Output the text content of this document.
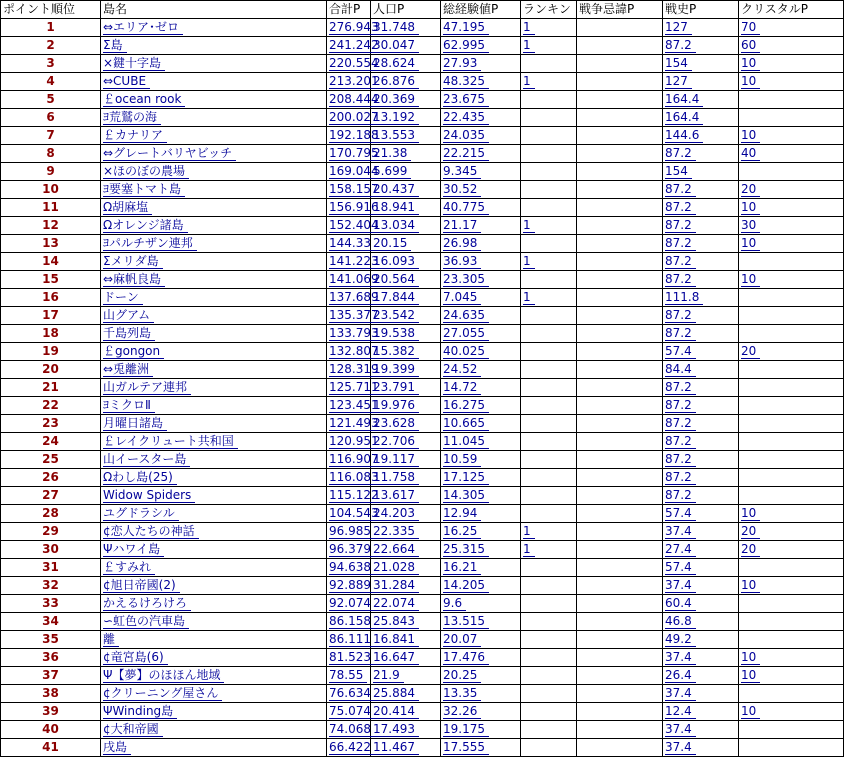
ポイント順位	島名	合計P	人口P	総経験値P	ランキン	戦争忌諱P	戦史P	クリスタルP
1	⇔エリア･ゼロ	276.943	31.748	47.195	1		127	70
2	Σ島	241.242	30.047	62.995	1		87.2	60
3	×鍵十字島	220.554	28.624	27.93			154	10
4	⇔CUBE	213.201	26.876	48.325	1		127	10
5	￡ocean rook	208.444	20.369	23.675			164.4	
6	ﾖ荒鷲の海	200.027	13.192	22.435			164.4	
7	￡カナリア	192.188	13.553	24.035			144.6	10
8	⇔グレートバリヤビッチ	170.795	21.38	22.215			87.2	40
9	×ほのぼの農場	169.044	5.699	9.345			154	
10	ﾖ要塞トマト島	158.157	20.437	30.52			87.2	20
11	Ω胡麻塩	156.916	18.941	40.775			87.2	10
12	Ωオレンジ諸島	152.404	13.034	21.17	1		87.2	30
13	ﾖパルチザン連邦	144.33	20.15	26.98			87.2	10
14	Σメリダ島	141.223	16.093	36.93	1		87.2	
15	⇔麻帆良島	141.069	20.564	23.305			87.2	10
16	ドーン	137.689	17.844	7.045	1		111.8	
17	山グアム	135.377	23.542	24.635			87.2	
18	千島列島	133.793	19.538	27.055			87.2	
19	￡gongon	132.807	15.382	40.025			57.4	20
20	⇔兎離洲	128.319	19.399	24.52			84.4	
21	山ガルテア連邦	125.711	23.791	14.72			87.2	
22	ﾖミクロⅡ	123.451	19.976	16.275			87.2	
23	月曜日諸島	121.493	23.628	10.665			87.2	
24	￡レイクリュート共和国	120.951	22.706	11.045			87.2	
25	山イースター島	116.907	19.117	10.59			87.2	
26	Ωわし島(25)	116.083	11.758	17.125			87.2	
27	Widow Spiders	115.122	13.617	14.305			87.2	
28	ユグドラシル	104.543	24.203	12.94			57.4	10
29	¢恋人たちの神話	96.985	22.335	16.25	1		37.4	20
30	Ψハワイ島	96.379	22.664	25.315	1		27.4	20
31	￡すみれ	94.638	21.028	16.21			57.4	
32	¢旭日帝國(2)	92.889	31.284	14.205			37.4	10
33	かえるけろけろ	92.074	22.074	9.6			60.4	
34	∽虹色の汽車島	86.158	25.843	13.515			46.8	
35	離	86.111	16.841	20.07			49.2	
36	¢竜宮島(6)	81.523	16.647	17.476			37.4	10
37	Ψ【夢】のほほん地域	78.55	21.9	20.25			26.4	10
38	¢クリーニング屋さん	76.634	25.884	13.35			37.4	
39	ΨWinding島	75.074	20.414	32.26			12.4	10
40	¢大和帝國	74.068	17.493	19.175			37.4	
41	戌島	66.422	11.467	17.555			37.4	
